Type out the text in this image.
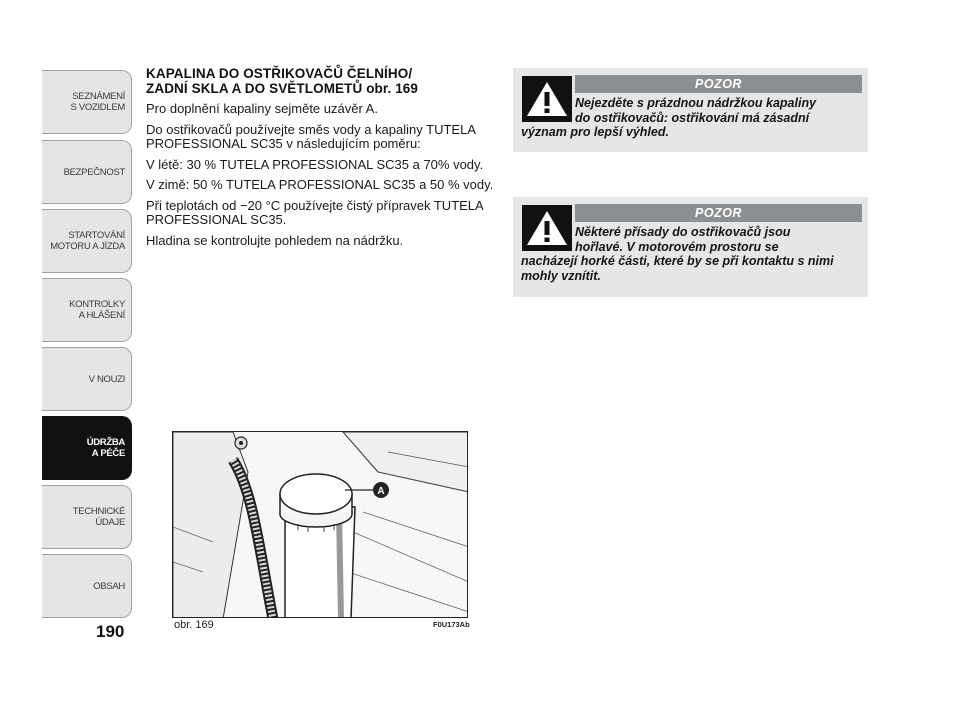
SEZNÁMENÍ
S VOZIDLEM
BEZPEČNOST
STARTOVÁNÍ
MOTORU A JÍZDA
KONTROLKY
A HLÁŠENÍ
V NOUZI
ÚDRŽBA
A PÉČE
TECHNICKÉ
ÚDAJE
OBSAH
190
KAPALINA DO OSTŘIKOVAČŮ ČELNÍHO/
ZADNÍ SKLA A DO SVĚTLOMETŮ obr. 169

Pro doplnění kapaliny sejměte uzávěr A.

Do ostřikovačů používejte směs vody a kapaliny TUTELA PROFESSIONAL SC35 v následujícím poměru:

V létě: 30 % TUTELA PROFESSIONAL SC35 a 70% vody.

V zimě: 50 % TUTELA PROFESSIONAL SC35 a 50 % vody.

Při teplotách od −20 °C používejte čistý přípravek TUTELA PROFESSIONAL SC35.

Hladina se kontrolujte pohledem na nádržku.

A
obr. 169	F0U173Ab
POZOR
Nejezděte s prázdnou nádržkou kapaliny
do ostřikovačů: ostřikování má zásadní
význam pro lepší výhled.
POZOR
Některé přísady do ostřikovačů jsou
hořlavé. V motorovém prostoru se
nacházejí horké části, které by se při kontaktu s nimi mohly vznítit.
